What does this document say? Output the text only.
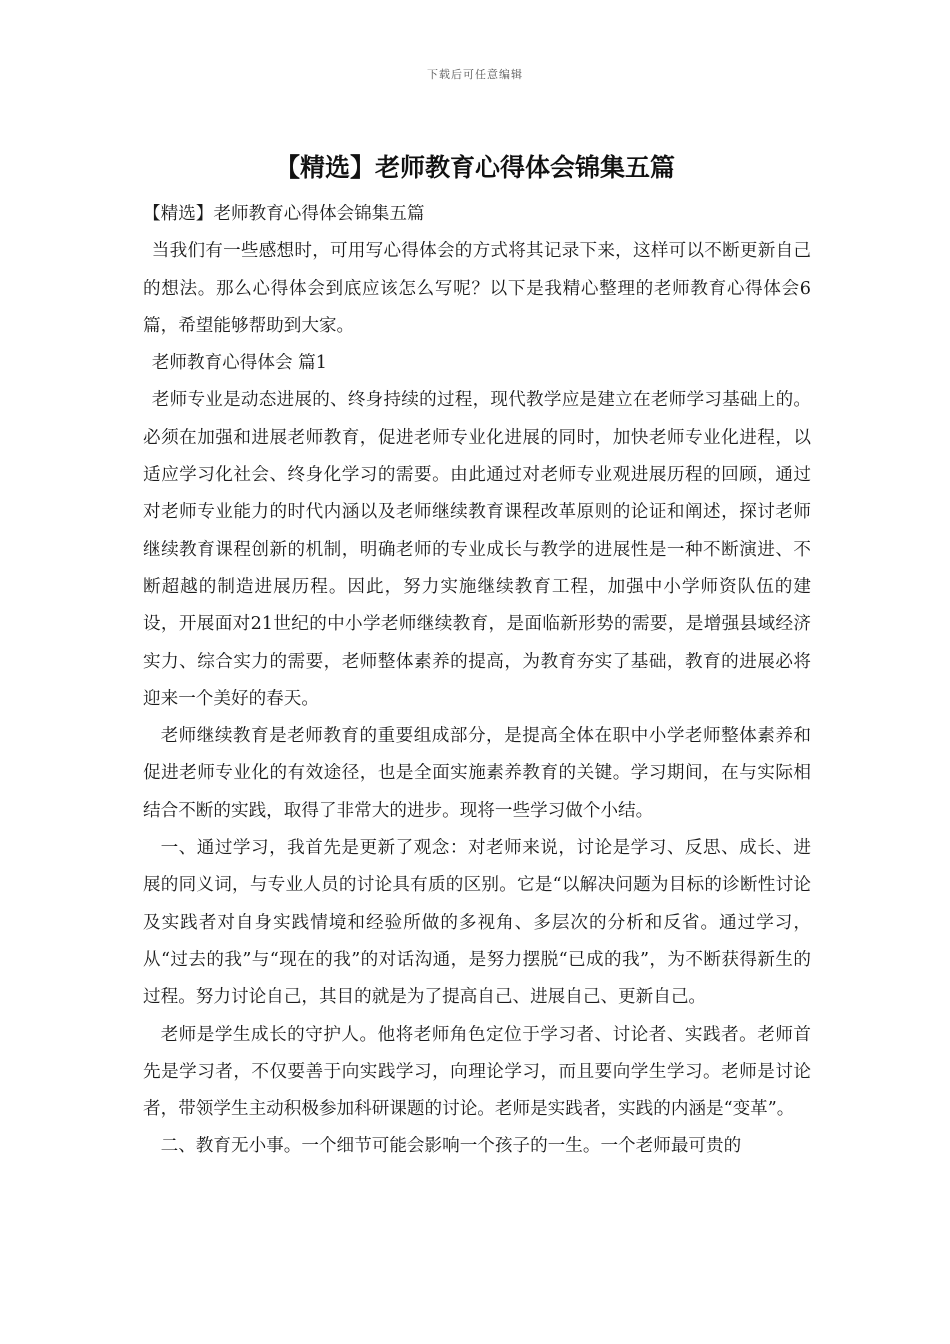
下载后可任意编辑
【精选】老师教育心得体会锦集五篇

【精选】老师教育心得体会锦集五篇

当我们有一些感想时，可用写心得体会的方式将其记录下来，这样可以不断更新自己的想法。那么心得体会到底应该怎么写呢？以下是我精心整理的老师教育心得体会6篇，希望能够帮助到大家。

老师教育心得体会 篇1

老师专业是动态进展的、终身持续的过程，现代教学应是建立在老师学习基础上的。必须在加强和进展老师教育，促进老师专业化进展的同时，加快老师专业化进程，以适应学习化社会、终身化学习的需要。由此通过对老师专业观进展历程的回顾，通过对老师专业能力的时代内涵以及老师继续教育课程改革原则的论证和阐述，探讨老师继续教育课程创新的机制，明确老师的专业成长与教学的进展性是一种不断演进、不断超越的制造进展历程。因此，努力实施继续教育工程，加强中小学师资队伍的建设，开展面对21世纪的中小学老师继续教育，是面临新形势的需要，是增强县域经济实力、综合实力的需要，老师整体素养的提高，为教育夯实了基础，教育的进展必将迎来一个美好的春天。

老师继续教育是老师教育的重要组成部分，是提高全体在职中小学老师整体素养和促进老师专业化的有效途径，也是全面实施素养教育的关键。学习期间，在与实际相结合不断的实践，取得了非常大的进步。现将一些学习做个小结。

一、通过学习，我首先是更新了观念：对老师来说，讨论是学习、反思、成长、进展的同义词，与专业人员的讨论具有质的区别。它是“以解决问题为目标的诊断性讨论及实践者对自身实践情境和经验所做的多视角、多层次的分析和反省。通过学习，从“过去的我”与“现在的我”的对话沟通，是努力摆脱“已成的我”，为不断获得新生的过程。努力讨论自己，其目的就是为了提高自己、进展自己、更新自己。

老师是学生成长的守护人。他将老师角色定位于学习者、讨论者、实践者。老师首先是学习者，不仅要善于向实践学习，向理论学习，而且要向学生学习。老师是讨论者，带领学生主动积极参加科研课题的讨论。老师是实践者，实践的内涵是“变革”。

二、教育无小事。一个细节可能会影响一个孩子的一生。一个老师最可贵的
